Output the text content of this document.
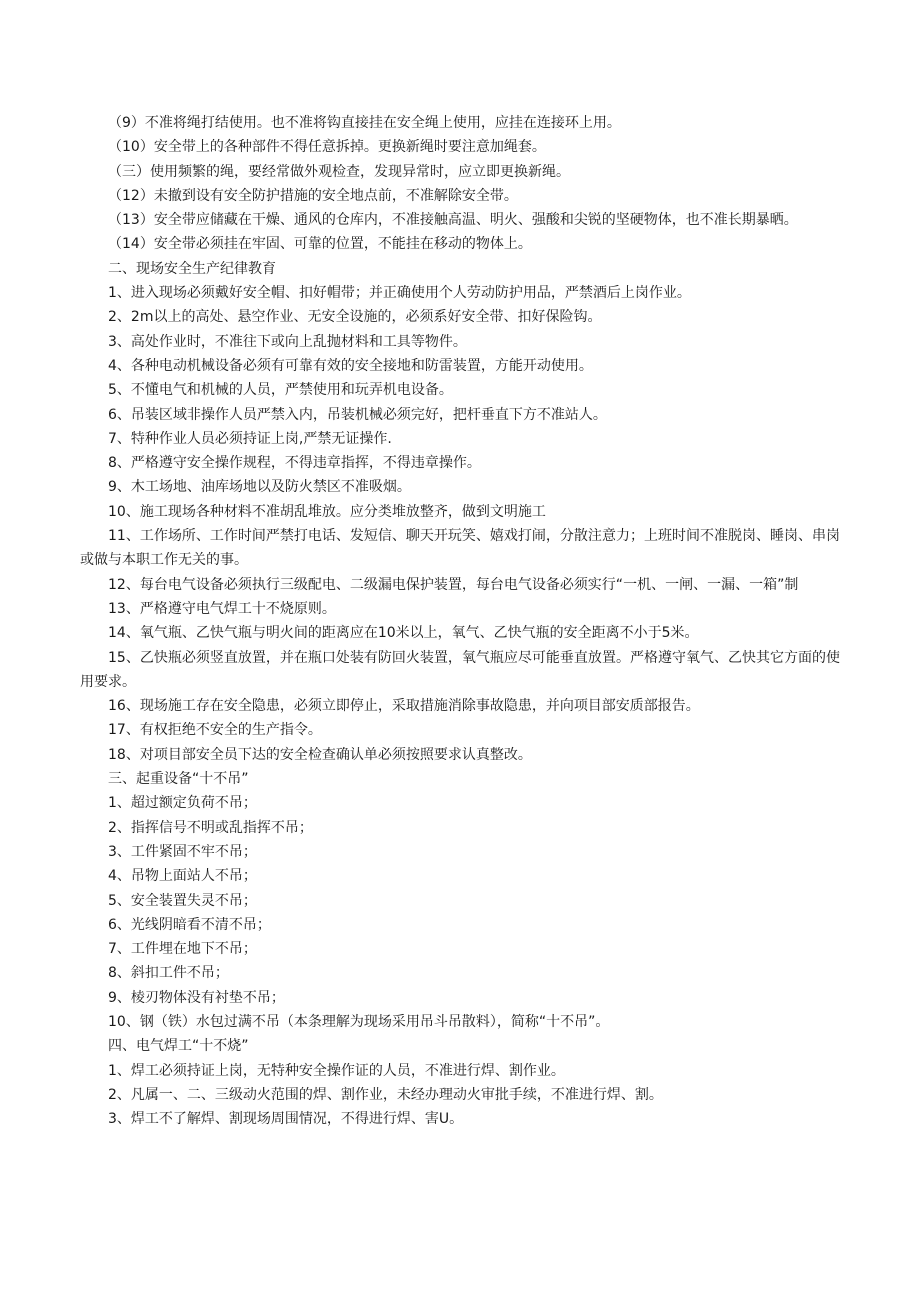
（9）不准将绳打结使用。也不准将钩直接挂在安全绳上使用，应挂在连接环上用。

（10）安全带上的各种部件不得任意拆掉。更换新绳时要注意加绳套。

（三）使用频繁的绳，要经常做外观检查，发现异常时，应立即更换新绳。

（12）未撤到设有安全防护措施的安全地点前，不准解除安全带。

（13）安全带应储藏在干燥、通风的仓库内，不准接触高温、明火、强酸和尖锐的坚硬物体，也不准长期暴晒。

（14）安全带必须挂在牢固、可靠的位置，不能挂在移动的物体上。

二、现场安全生产纪律教育

1、进入现场必须戴好安全帽、扣好帽带；并正确使用个人劳动防护用品，严禁酒后上岗作业。

2、2m以上的高处、悬空作业、无安全设施的，必须系好安全带、扣好保险钩。

3、高处作业时，不准往下或向上乱抛材料和工具等物件。

4、各种电动机械设备必须有可靠有效的安全接地和防雷装置，方能开动使用。

5、不懂电气和机械的人员，严禁使用和玩弄机电设备。

6、吊装区域非操作人员严禁入内，吊装机械必须完好，把杆垂直下方不准站人。

7、特种作业人员必须持证上岗,严禁无证操作.

8、严格遵守安全操作规程，不得违章指挥，不得违章操作。

9、木工场地、油库场地以及防火禁区不准吸烟。

10、施工现场各种材料不准胡乱堆放。应分类堆放整齐，做到文明施工

11、工作场所、工作时间严禁打电话、发短信、聊天开玩笑、嬉戏打闹，分散注意力；上班时间不准脱岗、睡岗、串岗或做与本职工作无关的事。

12、每台电气设备必须执行三级配电、二级漏电保护装置，每台电气设备必须实行“一机、一闸、一漏、一箱”制

13、严格遵守电气焊工十不烧原则。

14、氧气瓶、乙快气瓶与明火间的距离应在10米以上，氧气、乙快气瓶的安全距离不小于5米。

15、乙快瓶必须竖直放置，并在瓶口处装有防回火装置，氧气瓶应尽可能垂直放置。严格遵守氧气、乙快其它方面的使用要求。

16、现场施工存在安全隐患，必须立即停止，采取措施消除事故隐患，并向项目部安质部报告。

17、有权拒绝不安全的生产指令。

18、对项目部安全员下达的安全检查确认单必须按照要求认真整改。

三、起重设备“十不吊”

1、超过额定负荷不吊；

2、指挥信号不明或乱指挥不吊；

3、工件紧固不牢不吊；

4、吊物上面站人不吊；

5、安全装置失灵不吊；

6、光线阴暗看不清不吊；

7、工件埋在地下不吊；

8、斜扣工件不吊；

9、棱刃物体没有衬垫不吊；

10、钢（铁）水包过满不吊（本条理解为现场采用吊斗吊散料），简称“十不吊”。

四、电气焊工“十不烧”

1、焊工必须持证上岗，无特种安全操作证的人员，不准进行焊、割作业。

2、凡属一、二、三级动火范围的焊、割作业，未经办理动火审批手续，不准进行焊、割。

3、焊工不了解焊、割现场周围情况，不得进行焊、害U。
